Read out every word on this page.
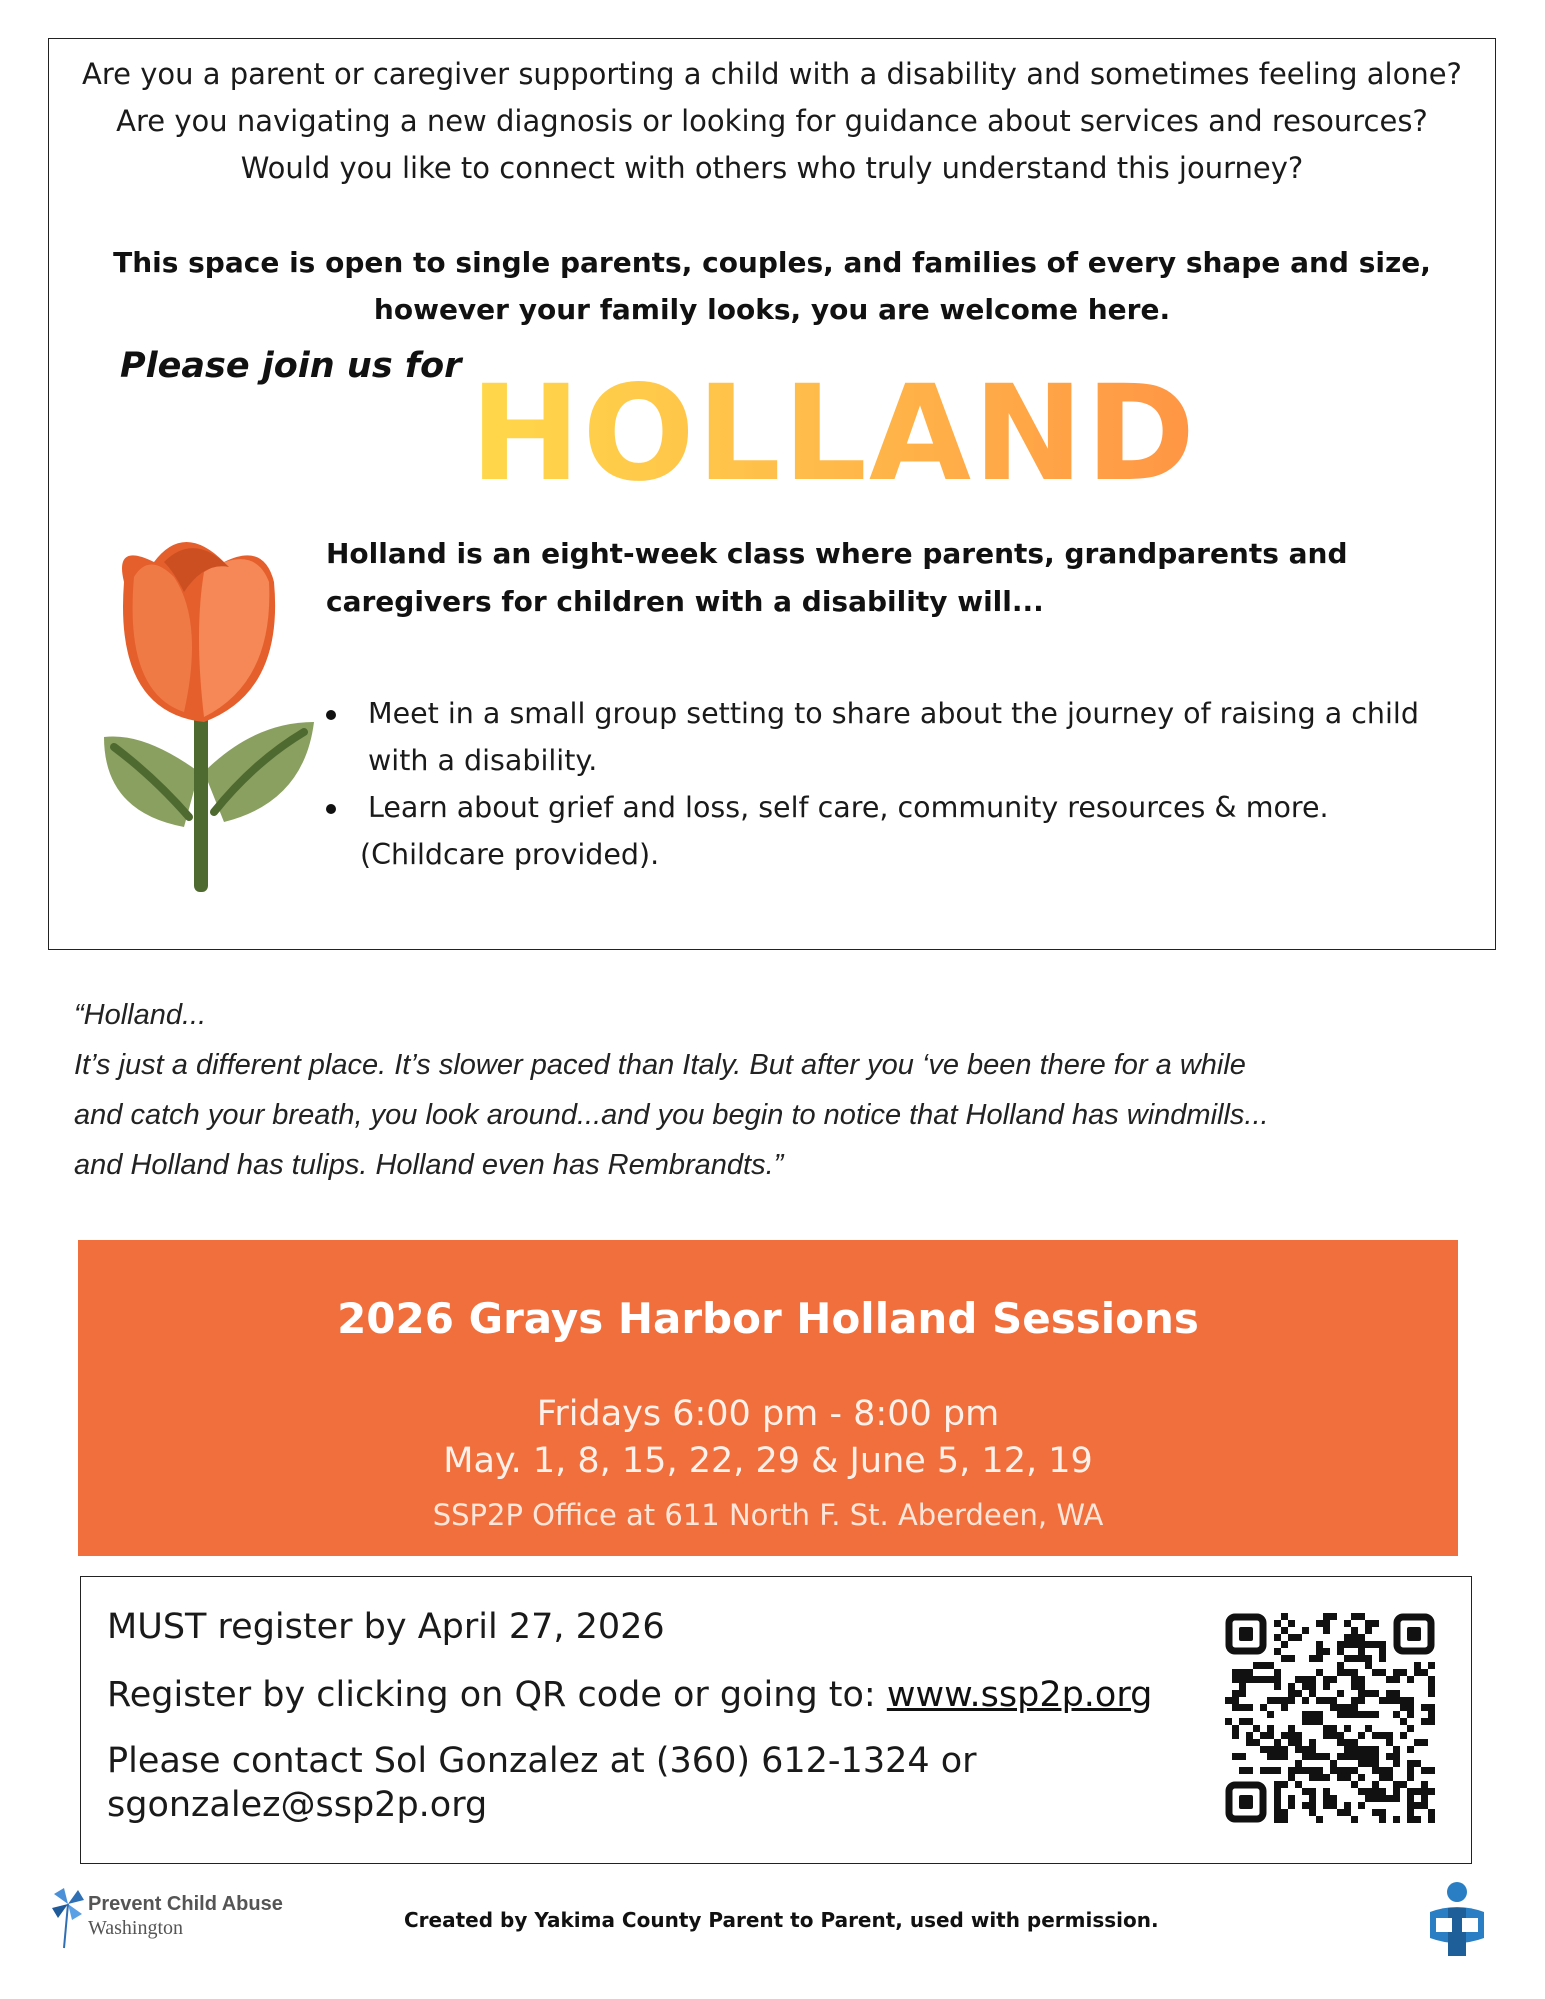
Are you a parent or caregiver supporting a child with a disability and sometimes feeling alone?
Are you navigating a new diagnosis or looking for guidance about services and resources?
Would you like to connect with others who truly understand this journey?
This space is open to single parents, couples, and families of every shape and size,
however your family looks, you are welcome here.
Please join us for HOLLAND
Holland is an eight-week class where parents, grandparents and caregivers for children with a disability will...
Meet in a small group setting to share about the journey of raising a child with a disability.
Learn about grief and loss, self care, community resources & more.
(Childcare provided).
“Holland...
It’s just a different place. It’s slower paced than Italy. But after you ‘ve been there for a while
and catch your breath, you look around...and you begin to notice that Holland has windmills...
and Holland has tulips. Holland even has Rembrandts.”
2026 Grays Harbor Holland Sessions
Fridays 6:00 pm - 8:00 pm
May. 1, 8, 15, 22, 29 & June 5, 12, 19
SSP2P Office at 611 North F. St. Aberdeen, WA
MUST register by April 27, 2026
Register by clicking on QR code or going to: www.ssp2p.org
Please contact Sol Gonzalez at (360) 612-1324 or
sgonzalez@ssp2p.org
Prevent Child Abuse
Washington	Created by Yakima County Parent to Parent, used with permission.
